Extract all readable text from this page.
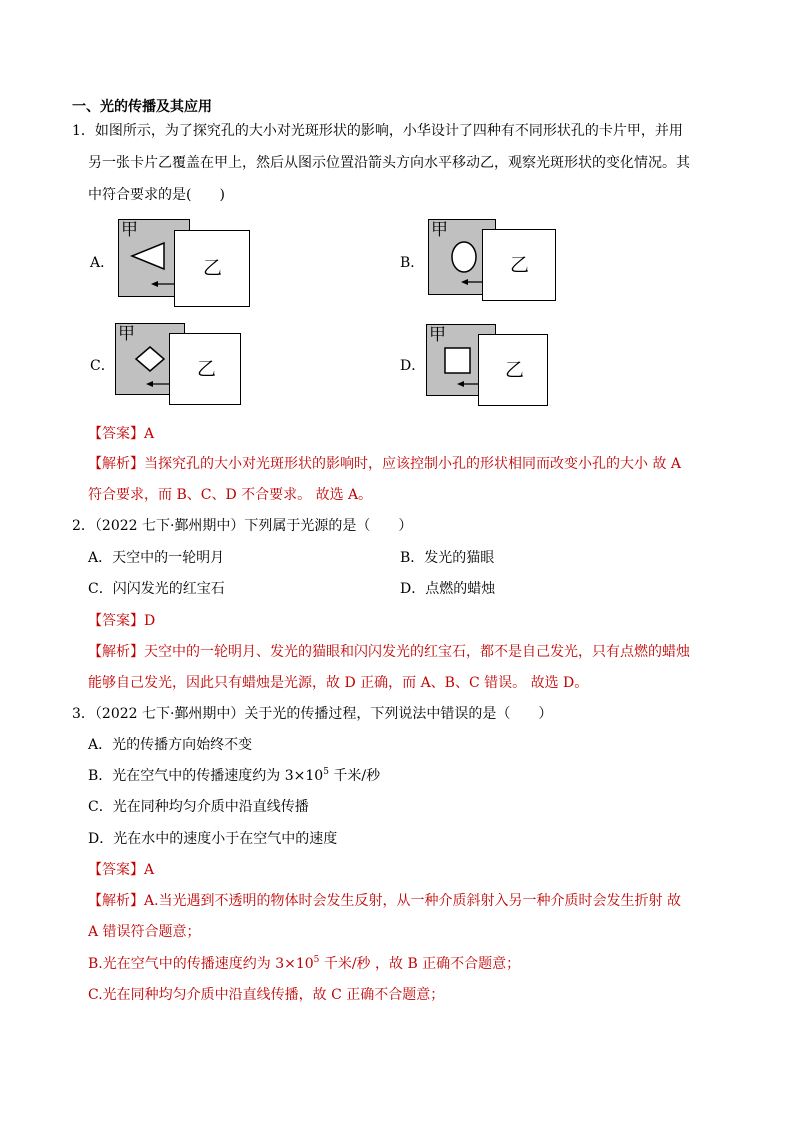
一、光的传播及其应用
1．如图所示，为了探究孔的大小对光斑形状的影响，小华设计了四种有不同形状孔的卡片甲，并用
另一张卡片乙覆盖在甲上，然后从图示位置沿箭头方向水平移动乙，观察光斑形状的变化情况。其
中符合要求的是(　　)
A．
甲
乙	B．
甲
乙
C．
甲
乙	D．
甲
乙
【答案】A
【解析】当探究孔的大小对光斑形状的影响时，应该控制小孔的形状相同而改变小孔的大小 故 A
符合要求，而 B、C、D 不合要求。 故选 A。
2．（2022 七下·鄞州期中）下列属于光源的是（　　）
A．天空中的一轮明月	B．发光的猫眼
C．闪闪发光的红宝石	D．点燃的蜡烛
【答案】D
【解析】天空中的一轮明月、发光的猫眼和闪闪发光的红宝石，都不是自己发光，只有点燃的蜡烛
能够自己发光，因此只有蜡烛是光源，故 D 正确，而 A、B、C 错误。 故选 D。
3．（2022 七下·鄞州期中）关于光的传播过程，下列说法中错误的是（　　）
A．光的传播方向始终不变
B．光在空气中的传播速度约为 $3\times 10^5$ 千米/秒
C．光在同种均匀介质中沿直线传播
D．光在水中的速度小于在空气中的速度
【答案】A
【解析】A.当光遇到不透明的物体时会发生反射，从一种介质斜射入另一种介质时会发生折射 故
A 错误符合题意；
B.光在空气中的传播速度约为 $3\times 10^5$ 千米/秒 ，故 B 正确不合题意；
C.光在同种均匀介质中沿直线传播，故 C 正确不合题意；
